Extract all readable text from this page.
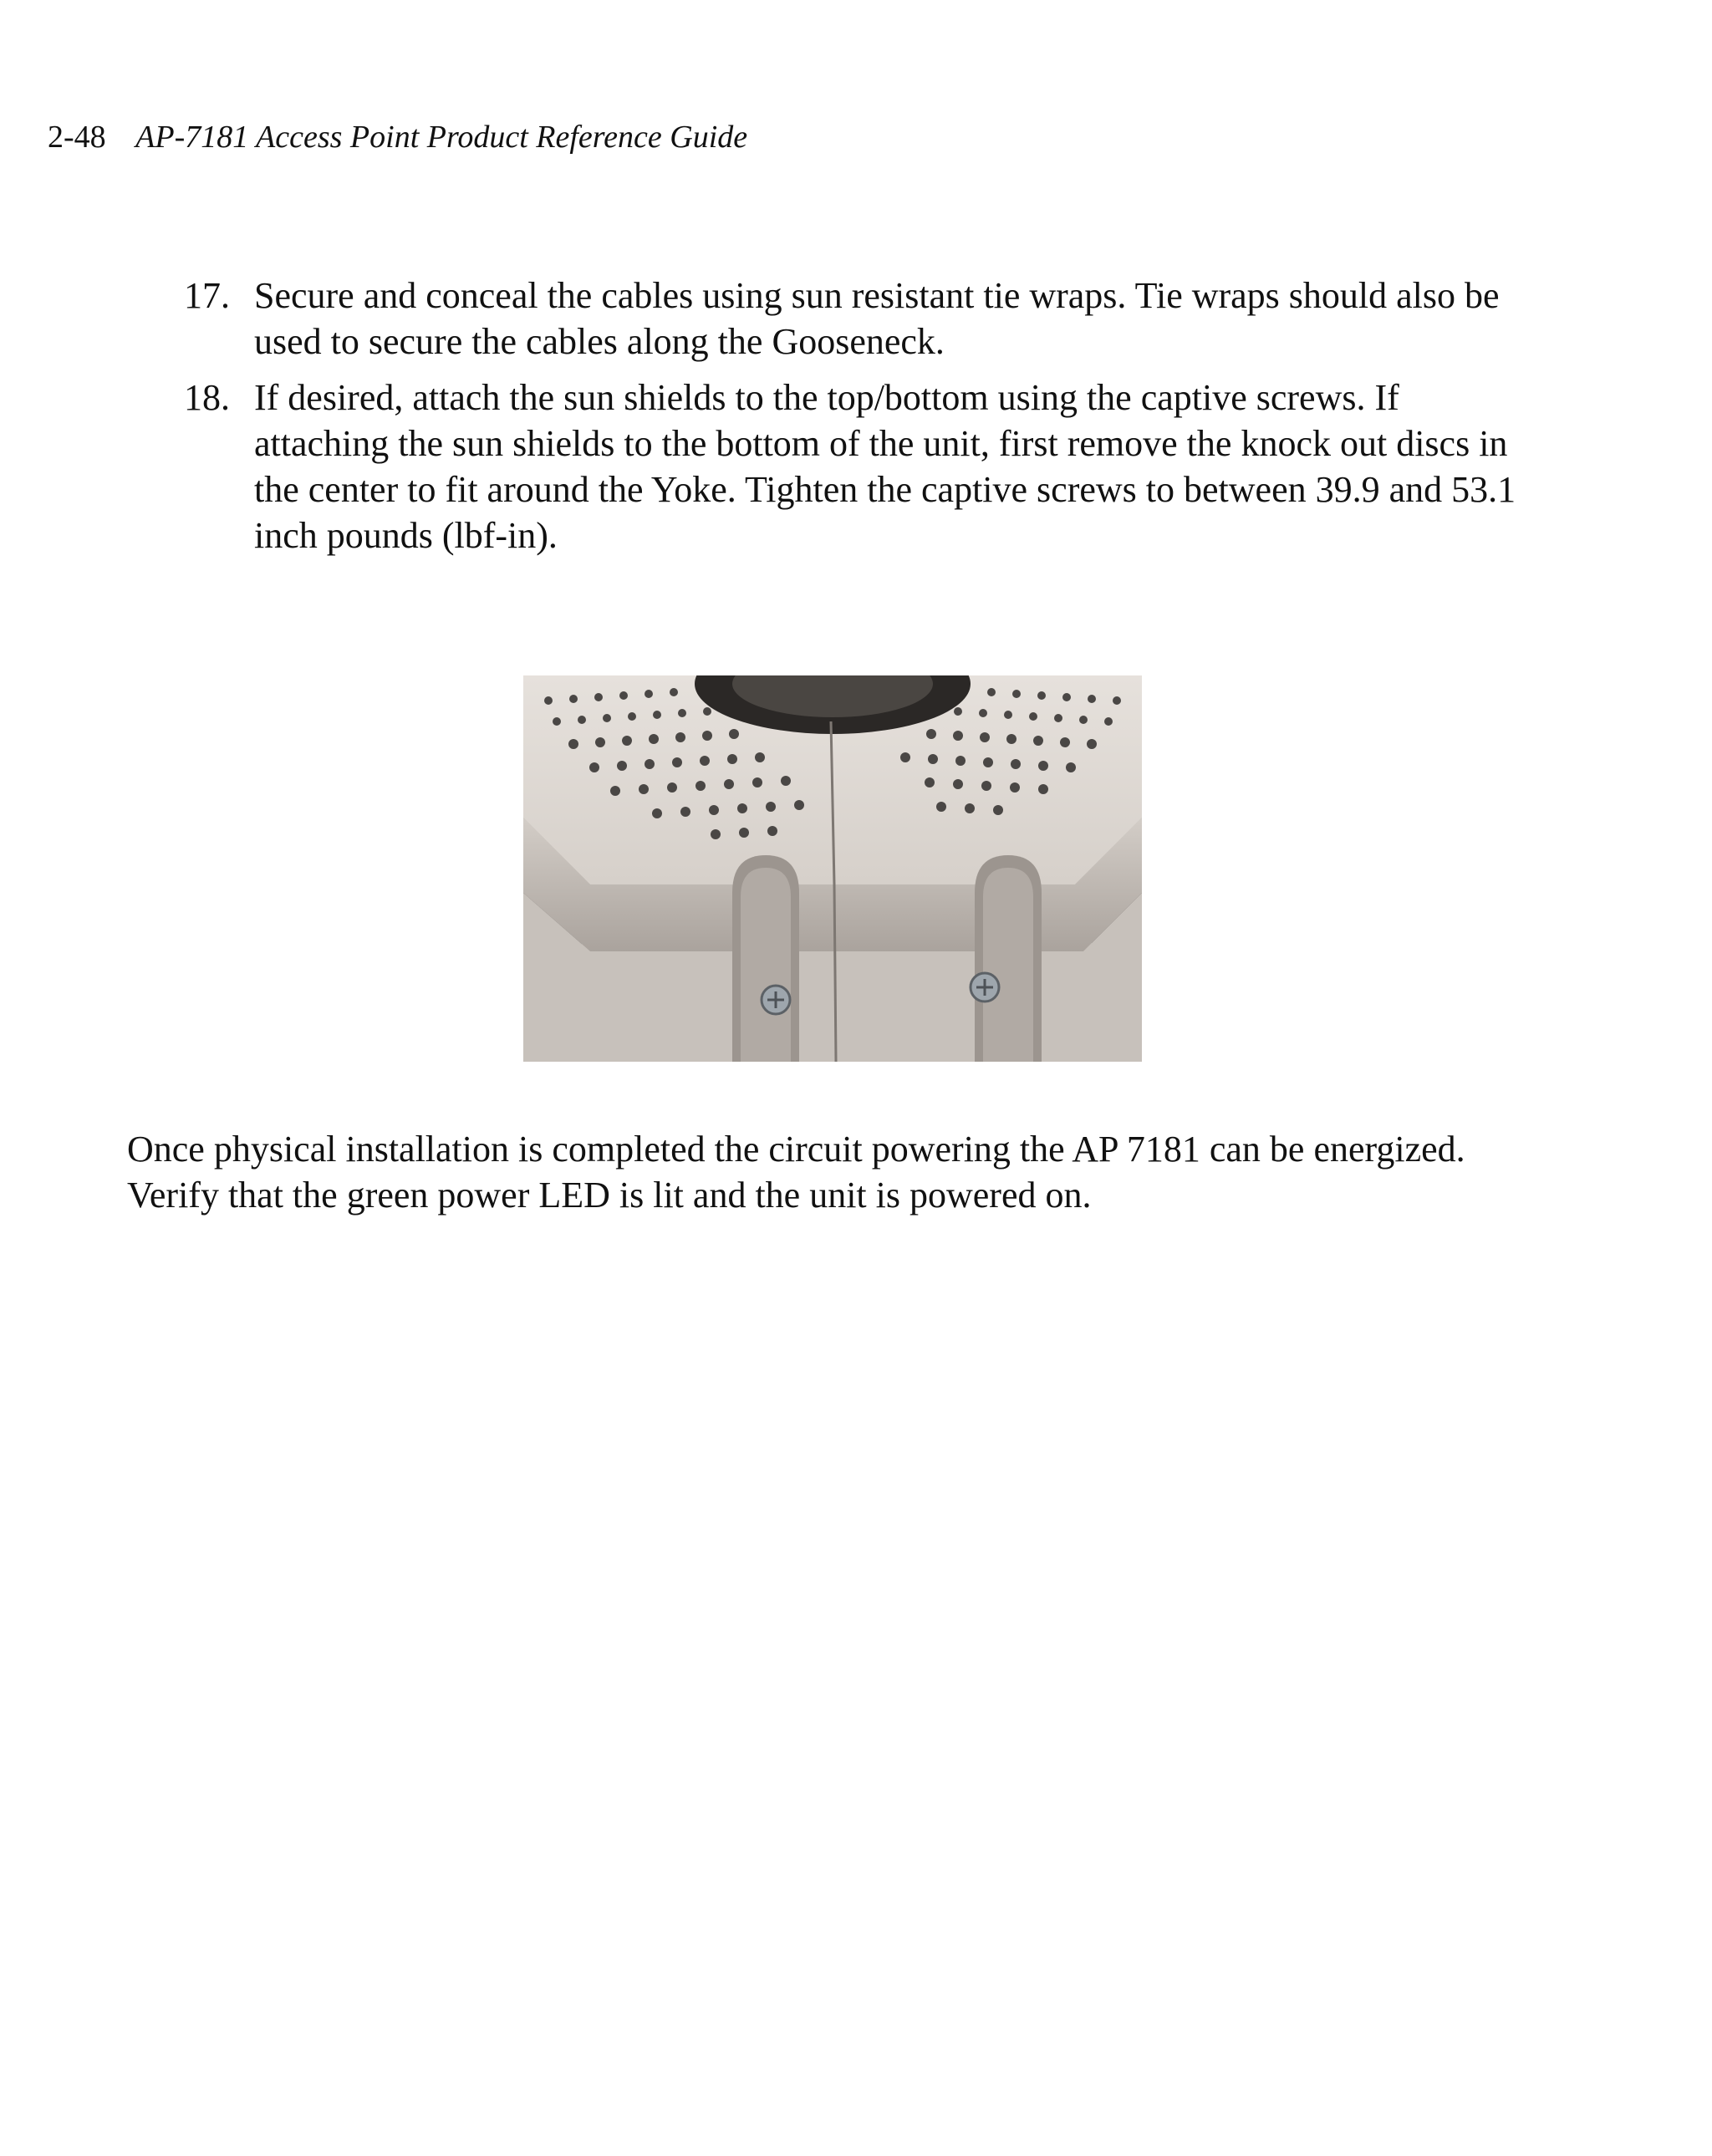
2-48 AP-7181 Access Point Product Reference Guide
17. Secure and conceal the cables using sun resistant tie wraps. Tie wraps should also be used to secure the cables along the Gooseneck.
18. If desired, attach the sun shields to the top/bottom using the captive screws. If attaching the sun shields to the bottom of the unit, first remove the knock out discs in the center to fit around the Yoke. Tighten the captive screws to between 39.9 and 53.1 inch pounds (lbf-in).

Once physical installation is completed the circuit powering the AP 7181 can be energized. Verify that the green power LED is lit and the unit is powered on.
